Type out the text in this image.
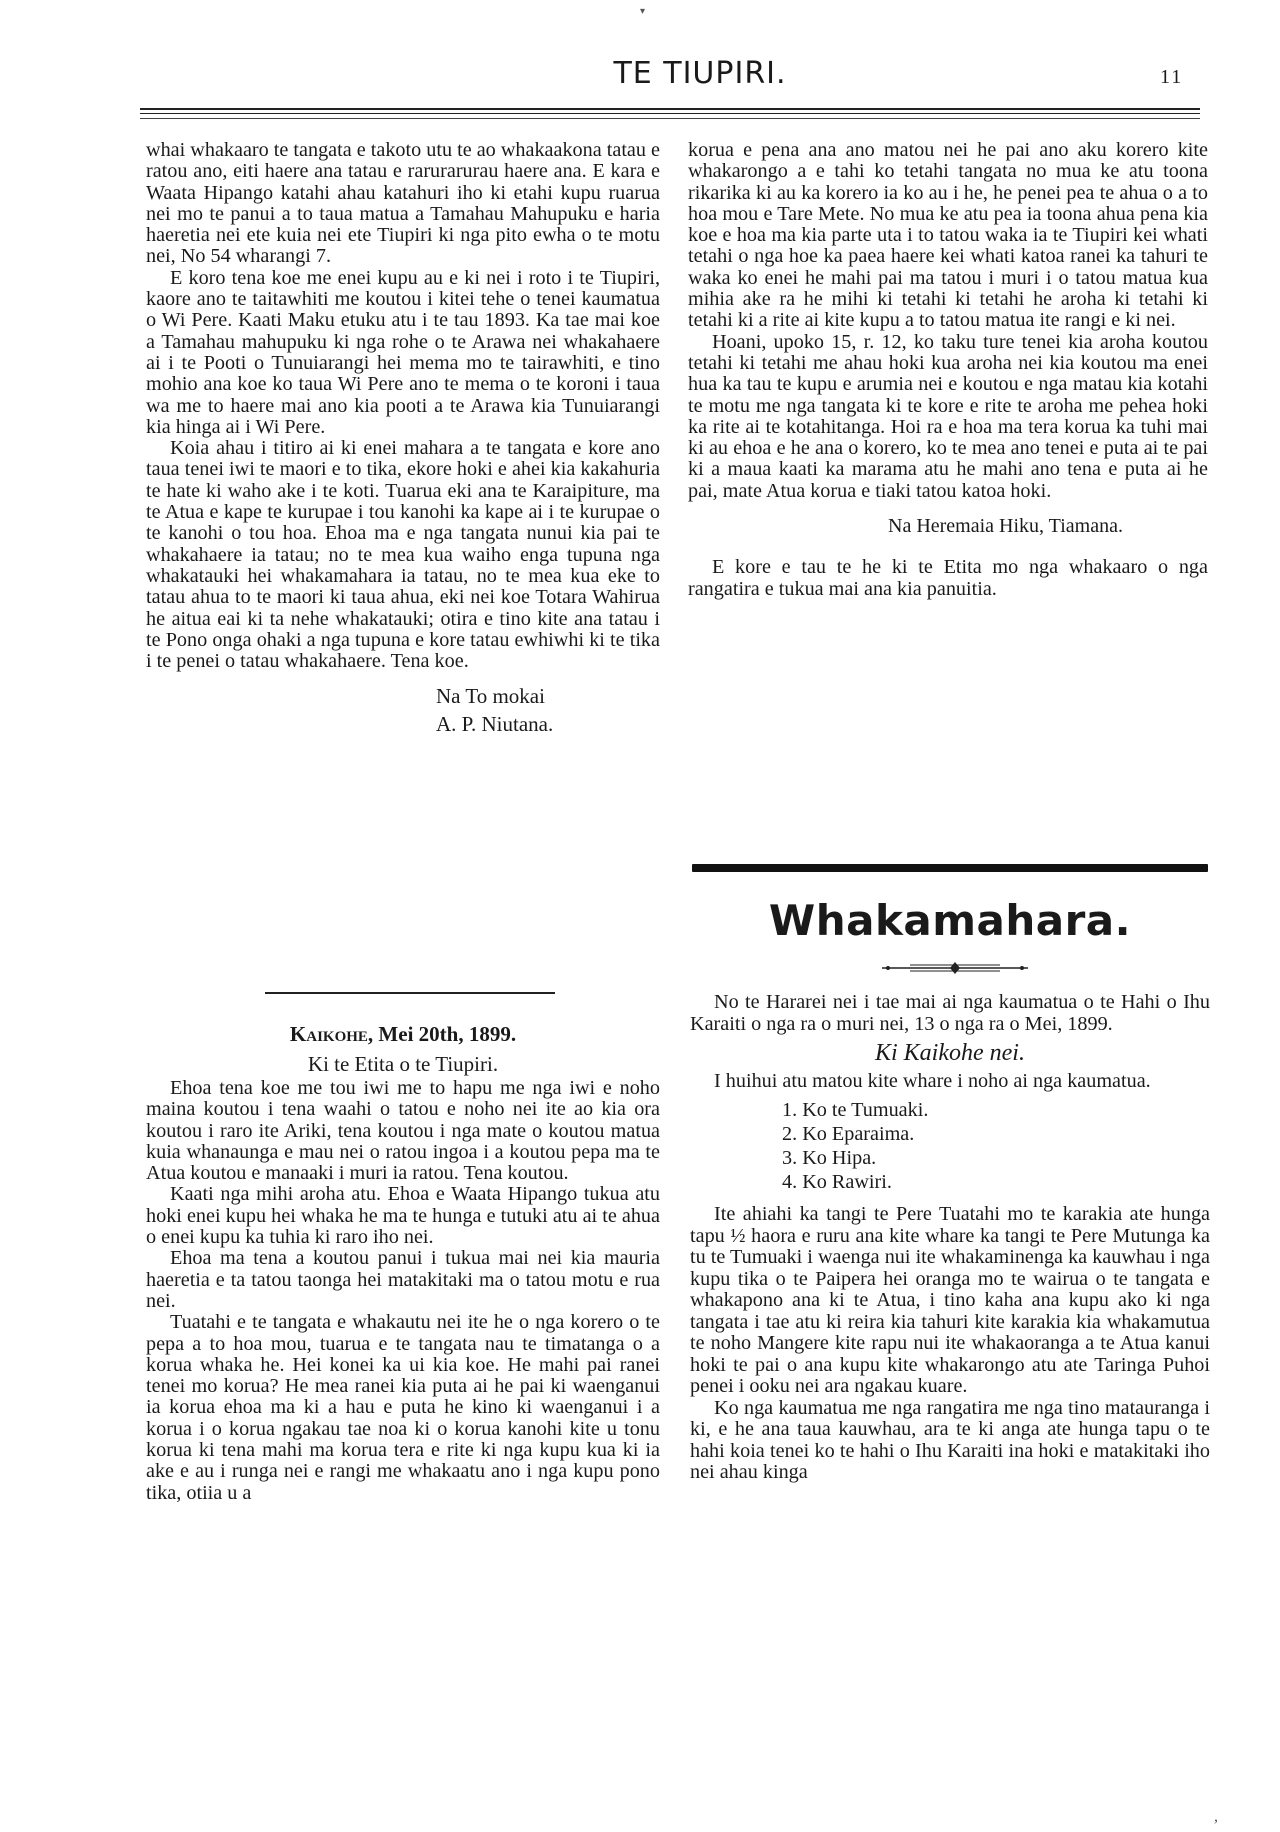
▾
TE TIUPIRI.	11

whai whakaaro te tangata e takoto utu te ao whakaakona tatau e ratou ano, eiti haere ana tatau e rarurarurau haere ana. E kara e Waata Hipango katahi ahau katahuri iho ki etahi kupu ruarua nei mo te panui a to taua matua a Tamahau Mahupuku e haria haeretia nei ete kuia nei ete Tiupiri ki nga pito ewha o te motu nei, No 54 wharangi 7.

E koro tena koe me enei kupu au e ki nei i roto i te Tiupiri, kaore ano te taitawhiti me koutou i kitei tehe o tenei kaumatua o Wi Pere. Kaati Maku etuku atu i te tau 1893. Ka tae mai koe a Tamahau mahupuku ki nga rohe o te Arawa nei whakahaere ai i te Pooti o Tunuiarangi hei mema mo te tairawhiti, e tino mohio ana koe ko taua Wi Pere ano te mema o te koroni i taua wa me to haere mai ano kia pooti a te Arawa kia Tunuiarangi kia hinga ai i Wi Pere.

Koia ahau i titiro ai ki enei mahara a te tangata e kore ano taua tenei iwi te maori e to tika, ekore hoki e ahei kia kakahuria te hate ki waho ake i te koti. Tuarua eki ana te Karaipiture, ma te Atua e kape te kurupae i tou kanohi ka kape ai i te kurupae o te kanohi o tou hoa. Ehoa ma e nga tangata nunui kia pai te whakahaere ia tatau; no te mea kua waiho enga tupuna nga whakatauki hei whakamahara ia tatau, no te mea kua eke to tatau ahua to te maori ki taua ahua, eki nei koe Totara Wahirua he aitua eai ki ta nehe whakatauki; otira e tino kite ana tatau i te Pono onga ohaki a nga tupuna e kore tatau ewhiwhi ki te tika i te penei o tatau whakahaere. Tena koe.

Na To mokai

A. P. Niutana.

Kaikohe, Mei 20th, 1899.
Ki te Etita o te Tiupiri.

Ehoa tena koe me tou iwi me to hapu me nga iwi e noho maina koutou i tena waahi o tatou e noho nei ite ao kia ora koutou i raro ite Ariki, tena koutou i nga mate o koutou matua kuia whanaunga e mau nei o ratou ingoa i a koutou pepa ma te Atua koutou e manaaki i muri ia ratou. Tena koutou.

Kaati nga mihi aroha atu. Ehoa e Waata Hipango tukua atu hoki enei kupu hei whaka he ma te hunga e tutuki atu ai te ahua o enei kupu ka tuhia ki raro iho nei.

Ehoa ma tena a koutou panui i tukua mai nei kia mauria haeretia e ta tatou taonga hei matakitaki ma o tatou motu e rua nei.

Tuatahi e te tangata e whakautu nei ite he o nga korero o te pepa a to hoa mou, tuarua e te tangata nau te timatanga o a korua whaka he. Hei konei ka ui kia koe. He mahi pai ranei tenei mo korua? He mea ranei kia puta ai he pai ki waenganui ia korua ehoa ma ki a hau e puta he kino ki waenganui i a korua i o korua ngakau tae noa ki o korua kanohi kite u tonu korua ki tena mahi ma korua tera e rite ki nga kupu kua ki ia ake e au i runga nei e rangi me whakaatu ano i nga kupu pono tika, otiia u a

korua e pena ana ano matou nei he pai ano aku korero kite whakarongo a e tahi ko tetahi tangata no mua ke atu toona rikarika ki au ka korero ia ko au i he, he penei pea te ahua o a to hoa mou e Tare Mete. No mua ke atu pea ia toona ahua pena kia koe e hoa ma kia parte uta i to tatou waka ia te Tiupiri kei whati tetahi o nga hoe ka paea haere kei whati katoa ranei ka tahuri te waka ko enei he mahi pai ma tatou i muri i o tatou matua kua mihia ake ra he mihi ki tetahi ki tetahi he aroha ki tetahi ki tetahi ki a rite ai kite kupu a to tatou matua ite rangi e ki nei.

Hoani, upoko 15, r. 12, ko taku ture tenei kia aroha koutou tetahi ki tetahi me ahau hoki kua aroha nei kia koutou ma enei hua ka tau te kupu e arumia nei e koutou e nga matau kia kotahi te motu me nga tangata ki te kore e rite te aroha me pehea hoki ka rite ai te kotahitanga. Hoi ra e hoa ma tera korua ka tuhi mai ki au ehoa e he ana o korero, ko te mea ano tenei e puta ai te pai ki a maua kaati ka marama atu he mahi ano tena e puta ai he pai, mate Atua korua e tiaki tatou katoa hoki.

Na Heremaia Hiku, Tiamana.

E kore e tau te he ki te Etita mo nga whakaaro o nga rangatira e tukua mai ana kia panuitia.

Whakamahara.

No te Hararei nei i tae mai ai nga kaumatua o te Hahi o Ihu Karaiti o nga ra o muri nei, 13 o nga ra o Mei, 1899.

Ki Kaikohe nei.

I huihui atu matou kite whare i noho ai nga kaumatua.

1. Ko te Tumuaki.
2. Ko Eparaima.
3. Ko Hipa.
4. Ko Rawiri.

Ite ahiahi ka tangi te Pere Tuatahi mo te karakia ate hunga tapu ½ haora e ruru ana kite whare ka tangi te Pere Mutunga ka tu te Tumuaki i waenga nui ite whakaminenga ka kauwhau i nga kupu tika o te Paipera hei oranga mo te wairua o te tangata e whakapono ana ki te Atua, i tino kaha ana kupu ako ki nga tangata i tae atu ki reira kia tahuri kite karakia kia whakamutua te noho Mangere kite rapu nui ite whakaoranga a te Atua kanui hoki te pai o ana kupu kite whakarongo atu ate Taringa Puhoi penei i ooku nei ara ngakau kuare.

Ko nga kaumatua me nga rangatira me nga tino matauranga i ki, e he ana taua kauwhau, ara te ki anga ate hunga tapu o te hahi koia tenei ko te hahi o Ihu Karaiti ina hoki e matakitaki iho nei ahau kinga

,
